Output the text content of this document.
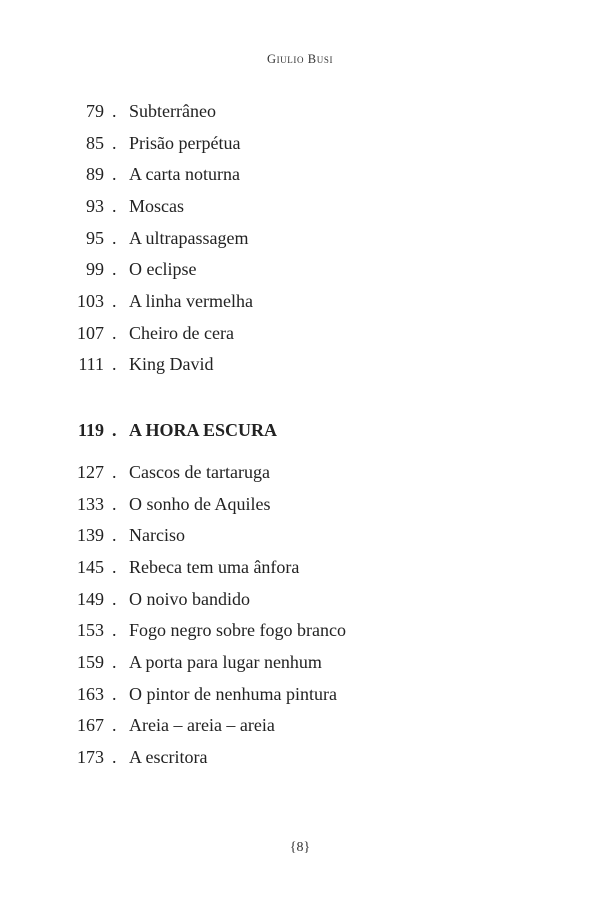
Giulio Busi
79 . Subterrâneo
85 . Prisão perpétua
89 . A carta noturna
93 . Moscas
95 . A ultrapassagem
99 . O eclipse
103 . A linha vermelha
107 . Cheiro de cera
111 . King David
119 . A HORA ESCURA
127 . Cascos de tartaruga
133 . O sonho de Aquiles
139 . Narciso
145 . Rebeca tem uma ânfora
149 . O noivo bandido
153 . Fogo negro sobre fogo branco
159 . A porta para lugar nenhum
163 . O pintor de nenhuma pintura
167 . Areia – areia – areia
173 . A escritora
{8}
